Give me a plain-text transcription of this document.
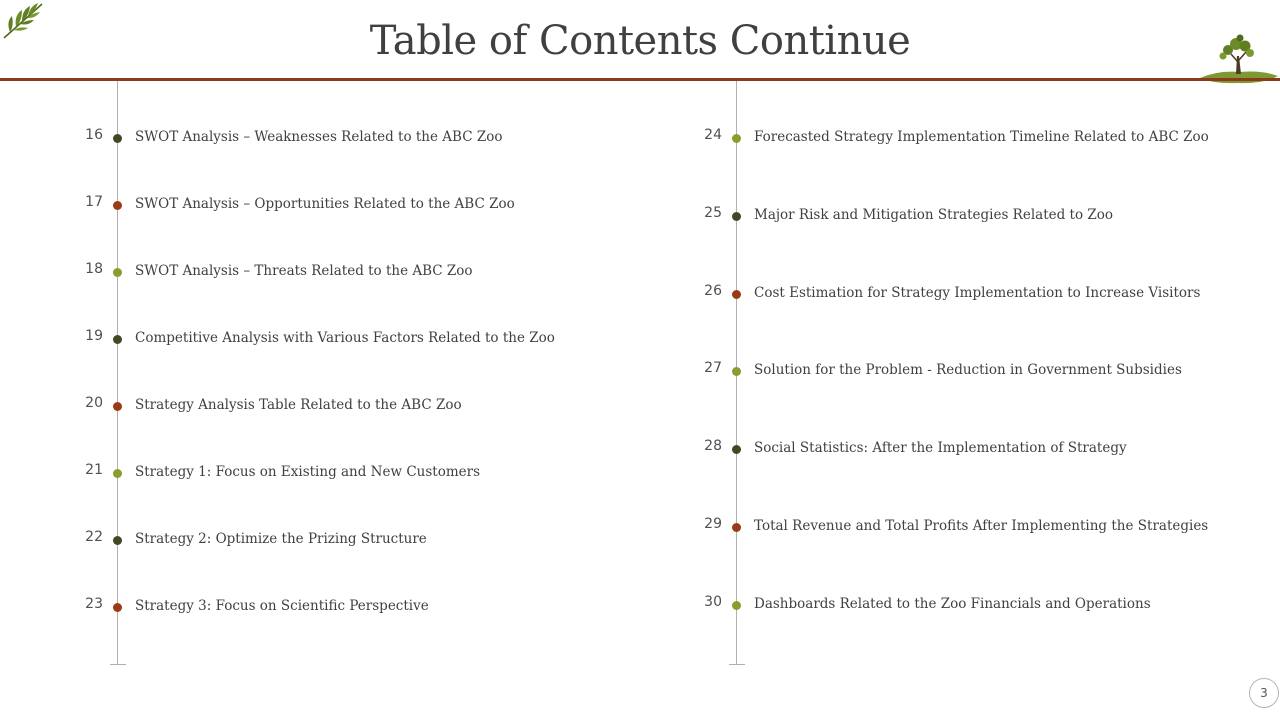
Table of Contents Continue
16 SWOT Analysis – Weaknesses Related to the ABC Zoo
17 SWOT Analysis – Opportunities Related to the ABC Zoo
18 SWOT Analysis – Threats Related to the ABC Zoo
19 Competitive Analysis with Various Factors Related to the Zoo
20 Strategy Analysis Table Related to the ABC Zoo
21 Strategy 1: Focus on Existing and New Customers
22 Strategy 2: Optimize the Prizing Structure
23 Strategy 3: Focus on Scientific Perspective
24 Forecasted Strategy Implementation Timeline Related to ABC Zoo
25 Major Risk and Mitigation Strategies Related to Zoo
26 Cost Estimation for Strategy Implementation to Increase Visitors
27 Solution for the Problem - Reduction in Government Subsidies
28 Social Statistics: After the Implementation of Strategy
29 Total Revenue and Total Profits After Implementing the Strategies
30 Dashboards Related to the Zoo Financials and Operations
3
